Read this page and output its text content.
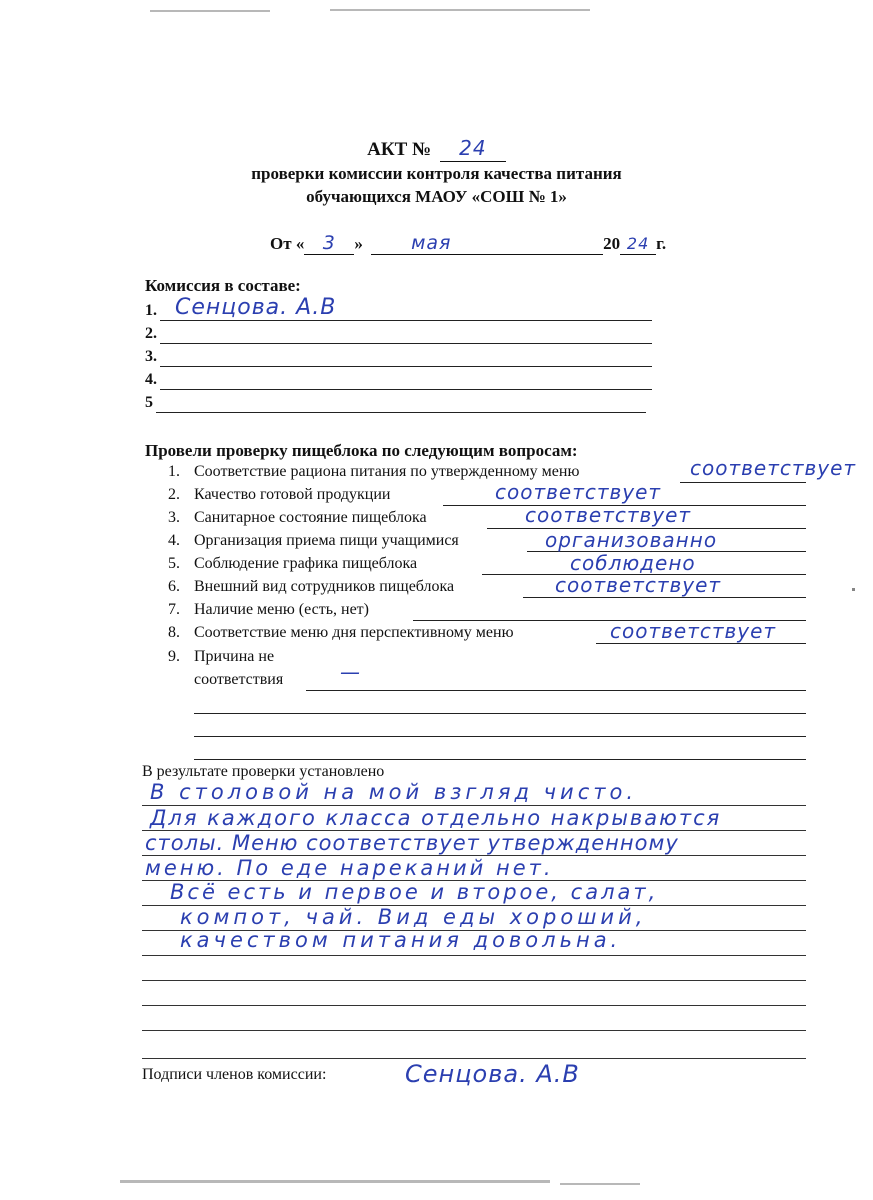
АКТ № 24
проверки комиссии контроля качества питания
обучающихся МАОУ «СОШ № 1»
От « 3 »	мая	20 24 г.
Комиссия в составе:
1. Сенцова. А.В
2.
3.
4.
5
Провели проверку пищеблока по следующим вопросам:
1. Соответствие рациона питания по утвержденному меню	соответствует
2. Качество готовой продукции	соответствует
3. Санитарное состояние пищеблока	соответствует
4. Организация приема пищи учащимися	организованно
5. Соблюдение графика пищеблока	соблюдено
6. Внешний вид сотрудников пищеблока	соответствует
7. Наличие меню (есть, нет)
8. Соответствие меню дня перспективному меню	соответствует
9. Причина не
соответствия	—
В результате проверки установлено
В столовой на мой взгляд чисто.
Для каждого класса отдельно накрываются
столы. Меню соответствует утвержденному
меню. По еде нареканий нет.
Всё есть и первое и второе, салат,
компот, чай. Вид еды хороший,
качеством питания довольна.
Подписи членов комиссии:	Сенцова. А.В
